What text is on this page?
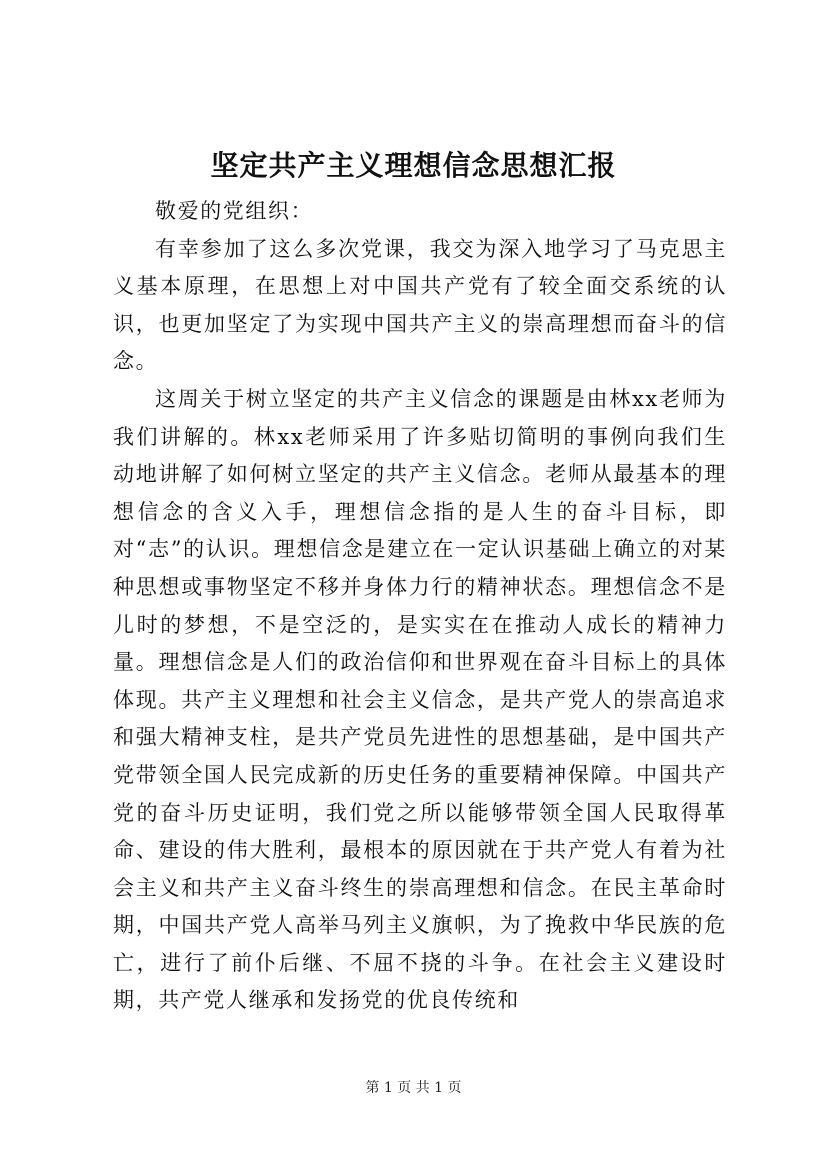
坚定共产主义理想信念思想汇报

敬爱的党组织：

有幸参加了这么多次党课，我交为深入地学习了马克思主义基本原理，在思想上对中国共产党有了较全面交系统的认识，也更加坚定了为实现中国共产主义的崇高理想而奋斗的信念。

这周关于树立坚定的共产主义信念的课题是由林xx老师为我们讲解的。林xx老师采用了许多贴切简明的事例向我们生动地讲解了如何树立坚定的共产主义信念。老师从最基本的理想信念的含义入手，理想信念指的是人生的奋斗目标，即对“志”的认识。理想信念是建立在一定认识基础上确立的对某种思想或事物坚定不移并身体力行的精神状态。理想信念不是儿时的梦想，不是空泛的，是实实在在推动人成长的精神力量。理想信念是人们的政治信仰和世界观在奋斗目标上的具体体现。共产主义理想和社会主义信念，是共产党人的崇高追求和强大精神支柱，是共产党员先进性的思想基础，是中国共产党带领全国人民完成新的历史任务的重要精神保障。中国共产党的奋斗历史证明，我们党之所以能够带领全国人民取得革命、建设的伟大胜利，最根本的原因就在于共产党人有着为社会主义和共产主义奋斗终生的崇高理想和信念。在民主革命时期，中国共产党人高举马列主义旗帜，为了挽救中华民族的危亡，进行了前仆后继、不屈不挠的斗争。在社会主义建设时期，共产党人继承和发扬党的优良传统和

第 1 页 共 1 页
